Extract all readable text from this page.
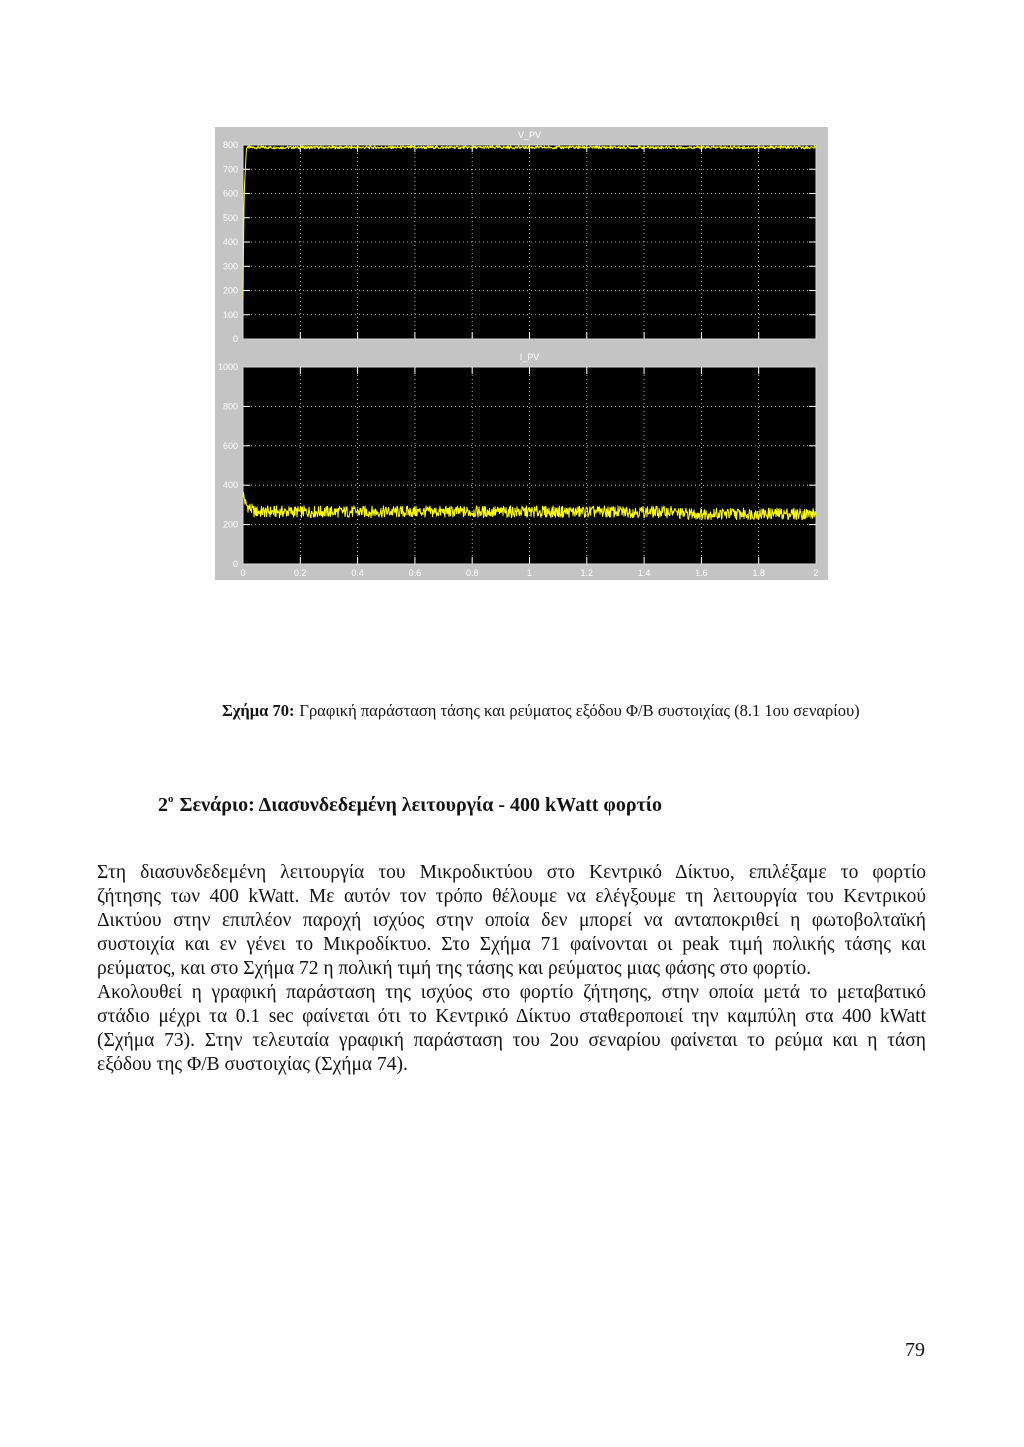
V_PV
0
100
200
300
400
500
600
700
800
I_PV
0	0.2	0.4	0.6	0.8	1	1.2	1.4	1.6	1.8	2
0
200
400
600
800
1000
Σχήμα 70: Γραφική παράσταση τάσης και ρεύματος εξόδου Φ/Β συστοιχίας (8.1 1ου σεναρίου)
$2^o$ Σενάριο: Διασυνδεδεμένη λειτουργία - 400 kWatt φορτίο
Στη διασυνδεδεμένη λειτουργία του Μικροδικτύου στο Κεντρικό Δίκτυο, επιλέξαμε το φορτίο
ζήτησης των 400 kWatt. Με αυτόν τον τρόπο θέλουμε να ελέγξουμε τη λειτουργία του Κεντρικού
Δικτύου στην επιπλέον παροχή ισχύος στην οποία δεν μπορεί να ανταποκριθεί η φωτοβολταϊκή
συστοιχία και εν γένει το Μικροδίκτυο. Στο Σχήμα 71 φαίνονται οι peak τιμή πολικής τάσης και
ρεύματος, και στο Σχήμα 72 η πολική τιμή της τάσης και ρεύματος μιας φάσης στο φορτίο.
Ακολουθεί η γραφική παράσταση της ισχύος στο φορτίο ζήτησης, στην οποία μετά το μεταβατικό
στάδιο μέχρι τα 0.1 sec φαίνεται ότι το Κεντρικό Δίκτυο σταθεροποιεί την καμπύλη στα 400 kWatt
(Σχήμα 73). Στην τελευταία γραφική παράσταση του 2ου σεναρίου φαίνεται το ρεύμα και η τάση
εξόδου της Φ/Β συστοιχίας (Σχήμα 74).
79
